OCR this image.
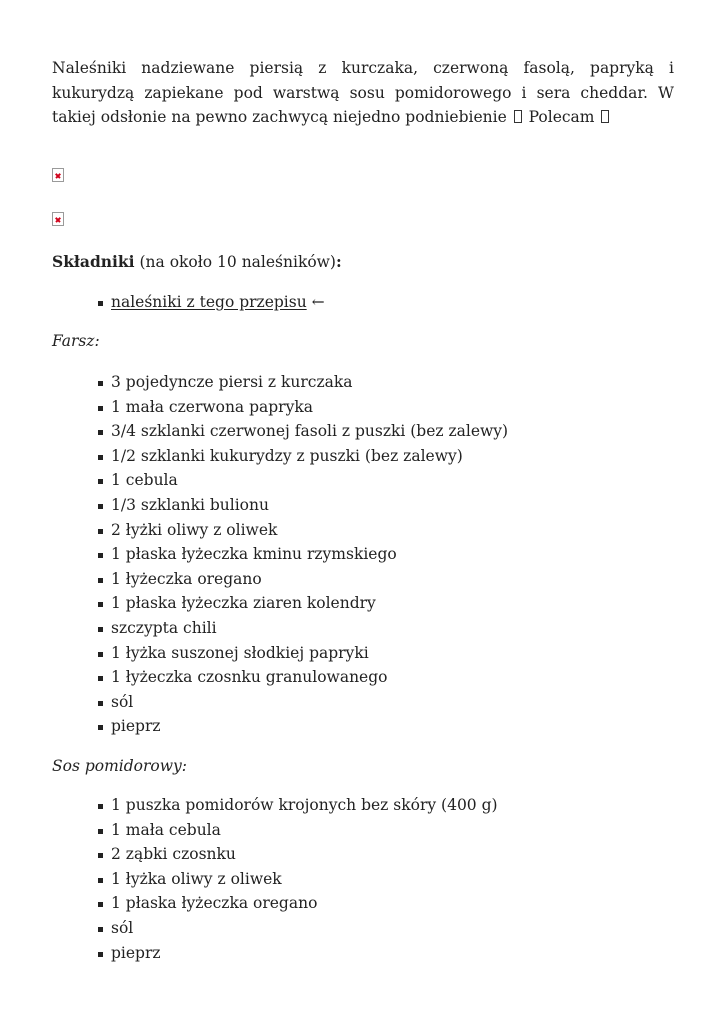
Naleśniki nadziewane piersią z kurczaka, czerwoną fasolą, papryką i kukurydzą zapiekane pod warstwą sosu pomidorowego i sera cheddar. W takiej odsłonie na pewno zachwycą niejedno podniebienie  Polecam

Składniki (na około 10 naleśników):

naleśniki z tego przepisu ←

Farsz:

3 pojedyncze piersi z kurczaka
1 mała czerwona papryka
3/4 szklanki czerwonej fasoli z puszki (bez zalewy)
1/2 szklanki kukurydzy z puszki (bez zalewy)
1 cebula
1/3 szklanki bulionu
2 łyżki oliwy z oliwek
1 płaska łyżeczka kminu rzymskiego
1 łyżeczka oregano
1 płaska łyżeczka ziaren kolendry
szczypta chili
1 łyżka suszonej słodkiej papryki
1 łyżeczka czosnku granulowanego
sól
pieprz

Sos pomidorowy:

1 puszka pomidorów krojonych bez skóry (400 g)
1 mała cebula
2 ząbki czosnku
1 łyżka oliwy z oliwek
1 płaska łyżeczka oregano
sól
pieprz
